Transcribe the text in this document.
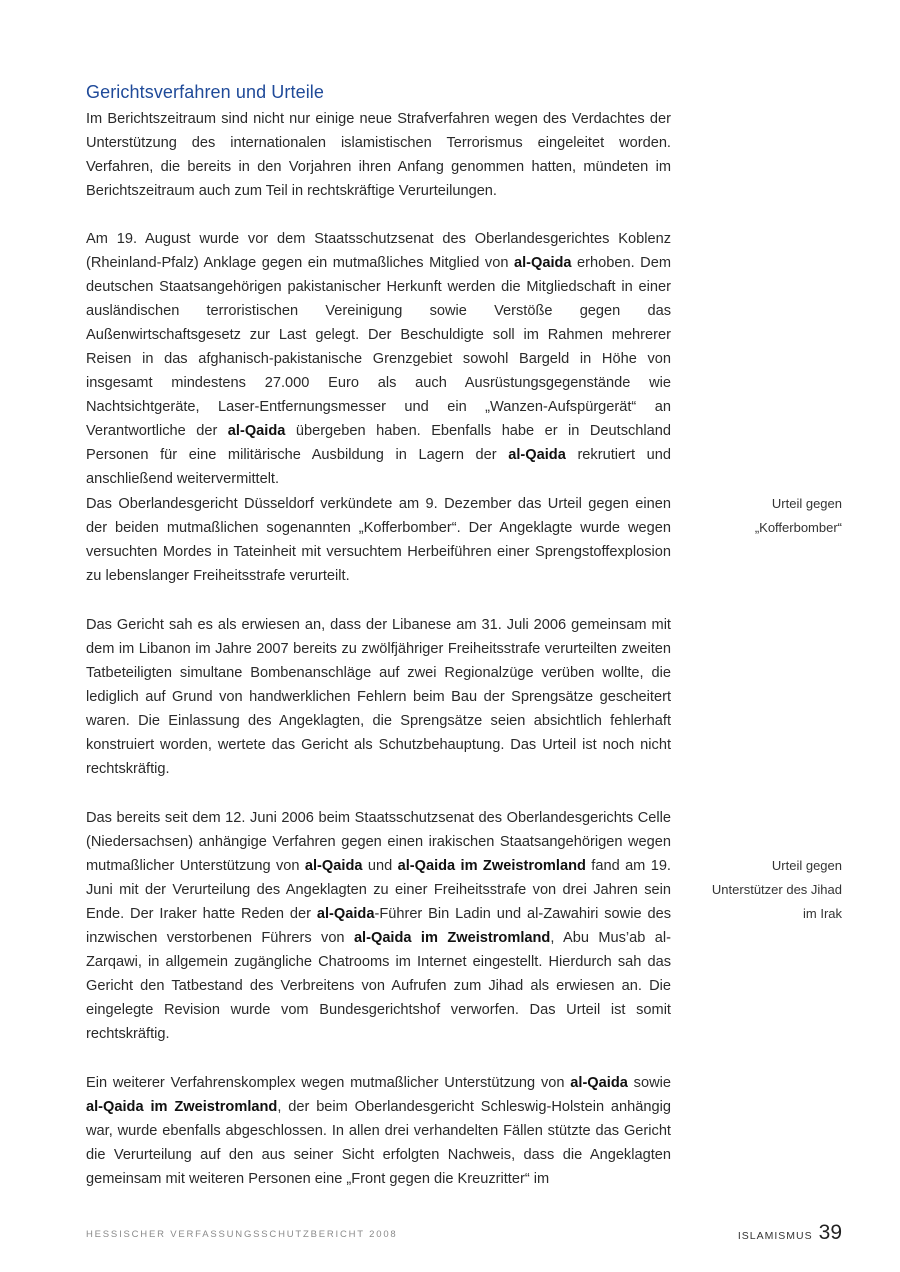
Gerichtsverfahren und Urteile

Im Berichtszeitraum sind nicht nur einige neue Strafverfahren wegen des Verdachtes der Unterstützung des internationalen islamistischen Terrorismus eingeleitet worden. Verfahren, die bereits in den Vorjahren ihren Anfang genommen hatten, mündeten im Berichtszeitraum auch zum Teil in rechtskräftige Verurteilungen.

Am 19. August wurde vor dem Staatsschutzsenat des Oberlandesgerichtes Koblenz (Rheinland-Pfalz) Anklage gegen ein mutmaßliches Mitglied von al-Qaida erhoben. Dem deutschen Staatsangehörigen pakistanischer Herkunft werden die Mitgliedschaft in einer ausländischen terroristischen Vereinigung sowie Verstöße gegen das Außenwirtschaftsgesetz zur Last gelegt. Der Beschuldigte soll im Rahmen mehrerer Reisen in das afghanisch-pakistanische Grenzgebiet sowohl Bargeld in Höhe von insgesamt mindestens 27.000 Euro als auch Ausrüstungsgegenstände wie Nachtsichtgeräte, Laser-Entfernungsmesser und ein „Wanzen-Aufspürgerät“ an Verantwortliche der al-Qaida übergeben haben. Ebenfalls habe er in Deutschland Personen für eine militärische Ausbildung in Lagern der al-Qaida rekrutiert und anschließend weitervermittelt.

Das Oberlandesgericht Düsseldorf verkündete am 9. Dezember das Urteil gegen einen der beiden mutmaßlichen sogenannten „Kofferbomber“. Der Angeklagte wurde wegen versuchten Mordes in Tateinheit mit versuchtem Herbeiführen einer Sprengstoffexplosion zu lebenslanger Freiheitsstrafe verurteilt.

Das Gericht sah es als erwiesen an, dass der Libanese am 31. Juli 2006 gemeinsam mit dem im Libanon im Jahre 2007 bereits zu zwölfjähriger Freiheitsstrafe verurteilten zweiten Tatbeteiligten simultane Bombenanschläge auf zwei Regionalzüge verüben wollte, die lediglich auf Grund von handwerklichen Fehlern beim Bau der Sprengsätze gescheitert waren. Die Einlassung des Angeklagten, die Sprengsätze seien absichtlich fehlerhaft konstruiert worden, wertete das Gericht als Schutzbehauptung. Das Urteil ist noch nicht rechtskräftig.

Das bereits seit dem 12. Juni 2006 beim Staatsschutzsenat des Oberlandesgerichts Celle (Niedersachsen) anhängige Verfahren gegen einen irakischen Staatsangehörigen wegen mutmaßlicher Unterstützung von al-Qaida und al-Qaida im Zweistromland fand am 19. Juni mit der Verurteilung des Angeklagten zu einer Freiheitsstrafe von drei Jahren sein Ende. Der Iraker hatte Reden der al-Qaida-Führer Bin Ladin und al-Zawahiri sowie des inzwischen verstorbenen Führers von al-Qaida im Zweistromland, Abu Mus’ab al-Zarqawi, in allgemein zugängliche Chatrooms im Internet eingestellt. Hierdurch sah das Gericht den Tatbestand des Verbreitens von Aufrufen zum Jihad als erwiesen an. Die eingelegte Revision wurde vom Bundesgerichtshof verworfen. Das Urteil ist somit rechtskräftig.

Ein weiterer Verfahrenskomplex wegen mutmaßlicher Unterstützung von al-Qaida sowie al-Qaida im Zweistromland, der beim Oberlandesgericht Schleswig-Holstein anhängig war, wurde ebenfalls abgeschlossen. In allen drei verhandelten Fällen stützte das Gericht die Verurteilung auf den aus seiner Sicht erfolgten Nachweis, dass die Angeklagten gemeinsam mit weiteren Personen eine „Front gegen die Kreuzritter“ im

Urteil gegen
„Kofferbomber“
Urteil gegen
Unterstützer des Jihad
im Irak
HESSISCHER VERFASSUNGSSCHUTZBERICHT 2008	ISLAMISMUS 39
